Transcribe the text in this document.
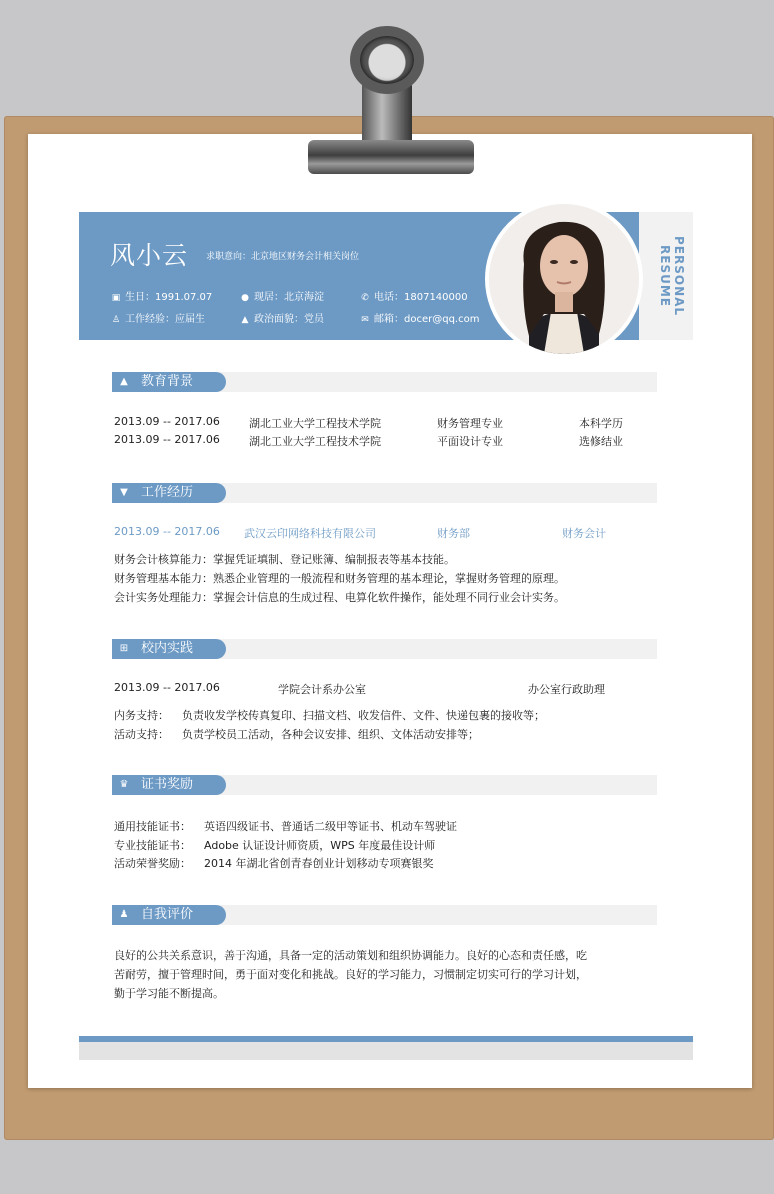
风小云 求职意向：北京地区财务会计相关岗位
▣ 生日：1991.07.07	● 现居：北京海淀	✆ 电话：1807140000
♙ 工作经验：应届生	▲ 政治面貌：党员	✉ 邮箱：docer@qq.com
PERSONAL RESUME
▲ 教育背景
2013.09 -- 2017.06	湖北工业大学工程技术学院	财务管理专业	本科学历
2013.09 -- 2017.06	湖北工业大学工程技术学院	平面设计专业	选修结业
▼ 工作经历
2013.09 -- 2017.06 武汉云印网络科技有限公司	财务部	财务会计
财务会计核算能力：掌握凭证填制、登记账簿、编制报表等基本技能。
财务管理基本能力：熟悉企业管理的一般流程和财务管理的基本理论，掌握财务管理的原理。
会计实务处理能力：掌握会计信息的生成过程、电算化软件操作，能处理不同行业会计实务。
⊞ 校内实践
2013.09 -- 2017.06	学院会计系办公室	办公室行政助理
内务支持： 负责收发学校传真复印、扫描文档、收发信件、文件、快递包裹的接收等；
活动支持： 负责学校员工活动，各种会议安排、组织、文体活动安排等；
♛ 证书奖励
通用技能证书： 英语四级证书、普通话二级甲等证书、机动车驾驶证
专业技能证书： Adobe 认证设计师资质，WPS 年度最佳设计师
活动荣誉奖励： 2014 年湖北省创青春创业计划移动专项赛银奖
♟ 自我评价
良好的公共关系意识，善于沟通，具备一定的活动策划和组织协调能力。良好的心态和责任感，吃
苦耐劳，擅于管理时间，勇于面对变化和挑战。良好的学习能力，习惯制定切实可行的学习计划，
勤于学习能不断提高。
